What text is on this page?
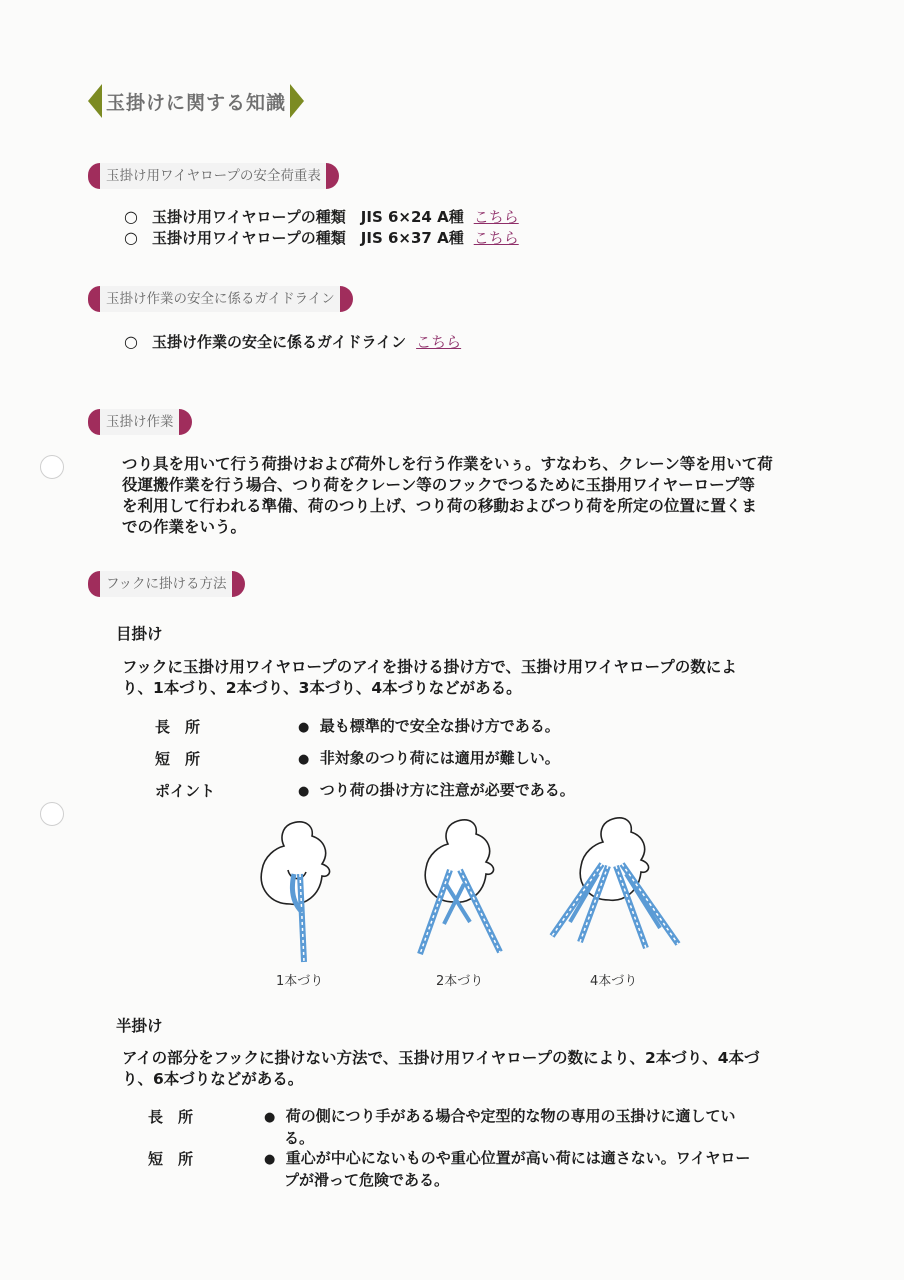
玉掛けに関する知識
玉掛け用ワイヤロープの安全荷重表
○ 玉掛け用ワイヤロープの種類　JIS 6×24 A種 こちら
○ 玉掛け用ワイヤロープの種類　JIS 6×37 A種 こちら
玉掛け作業の安全に係るガイドライン
○ 玉掛け作業の安全に係るガイドライン こちら
玉掛け作業
つり具を用いて行う荷掛けおよび荷外しを行う作業をいぅ。すなわち、クレーン等を用いて荷
役運搬作業を行う場合、つり荷をクレーン等のフックでつるために玉掛用ワイヤーロープ等
を利用して行われる準備、荷のつり上げ、つり荷の移動およびつり荷を所定の位置に置くま
での作業をいう。
フックに掛ける方法
目掛け
フックに玉掛け用ワイヤロープのアイを掛ける掛け方で、玉掛け用ワイヤロープの数によ
り、1本づり、2本づり、3本づり、4本づりなどがある。
長　所	● 最も標準的で安全な掛け方である。
短　所	● 非対象のつり荷には適用が難しい。
ポイント	● つり荷の掛け方に注意が必要である。
1本づり	2本づり	4本づり
半掛け
アイの部分をフックに掛けない方法で、玉掛け用ワイヤロープの数により、2本づり、4本づ
り、6本づりなどがある。
長　所	● 荷の側につり手がある場合や定型的な物の専用の玉掛けに適してい
る。
短　所	● 重心が中心にないものや重心位置が高い荷には適さない。ワイヤロー
プが滑って危険である。
